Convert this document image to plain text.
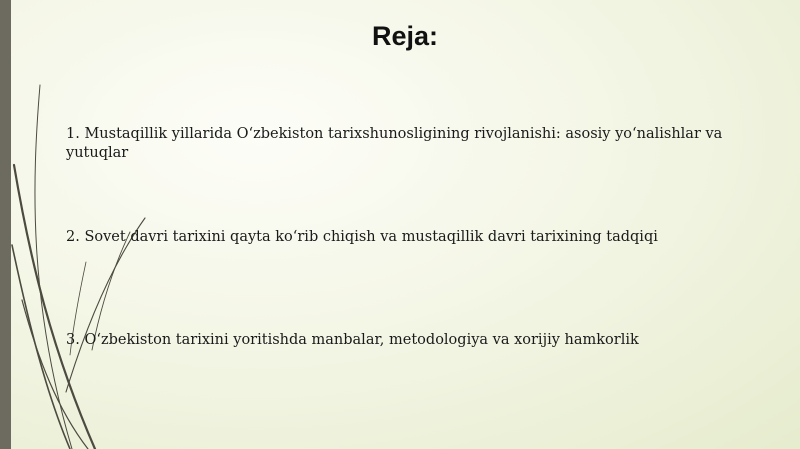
Reja:

1. Mustaqillik yillarida O‘zbekiston tarixshunosligining rivojlanishi: asosiy yo‘nalishlar va yutuqlar

2. Sovet davri tarixini qayta ko‘rib chiqish va mustaqillik davri tarixining tadqiqi

3. O‘zbekiston tarixini yoritishda manbalar, metodologiya va xorijiy hamkorlik
